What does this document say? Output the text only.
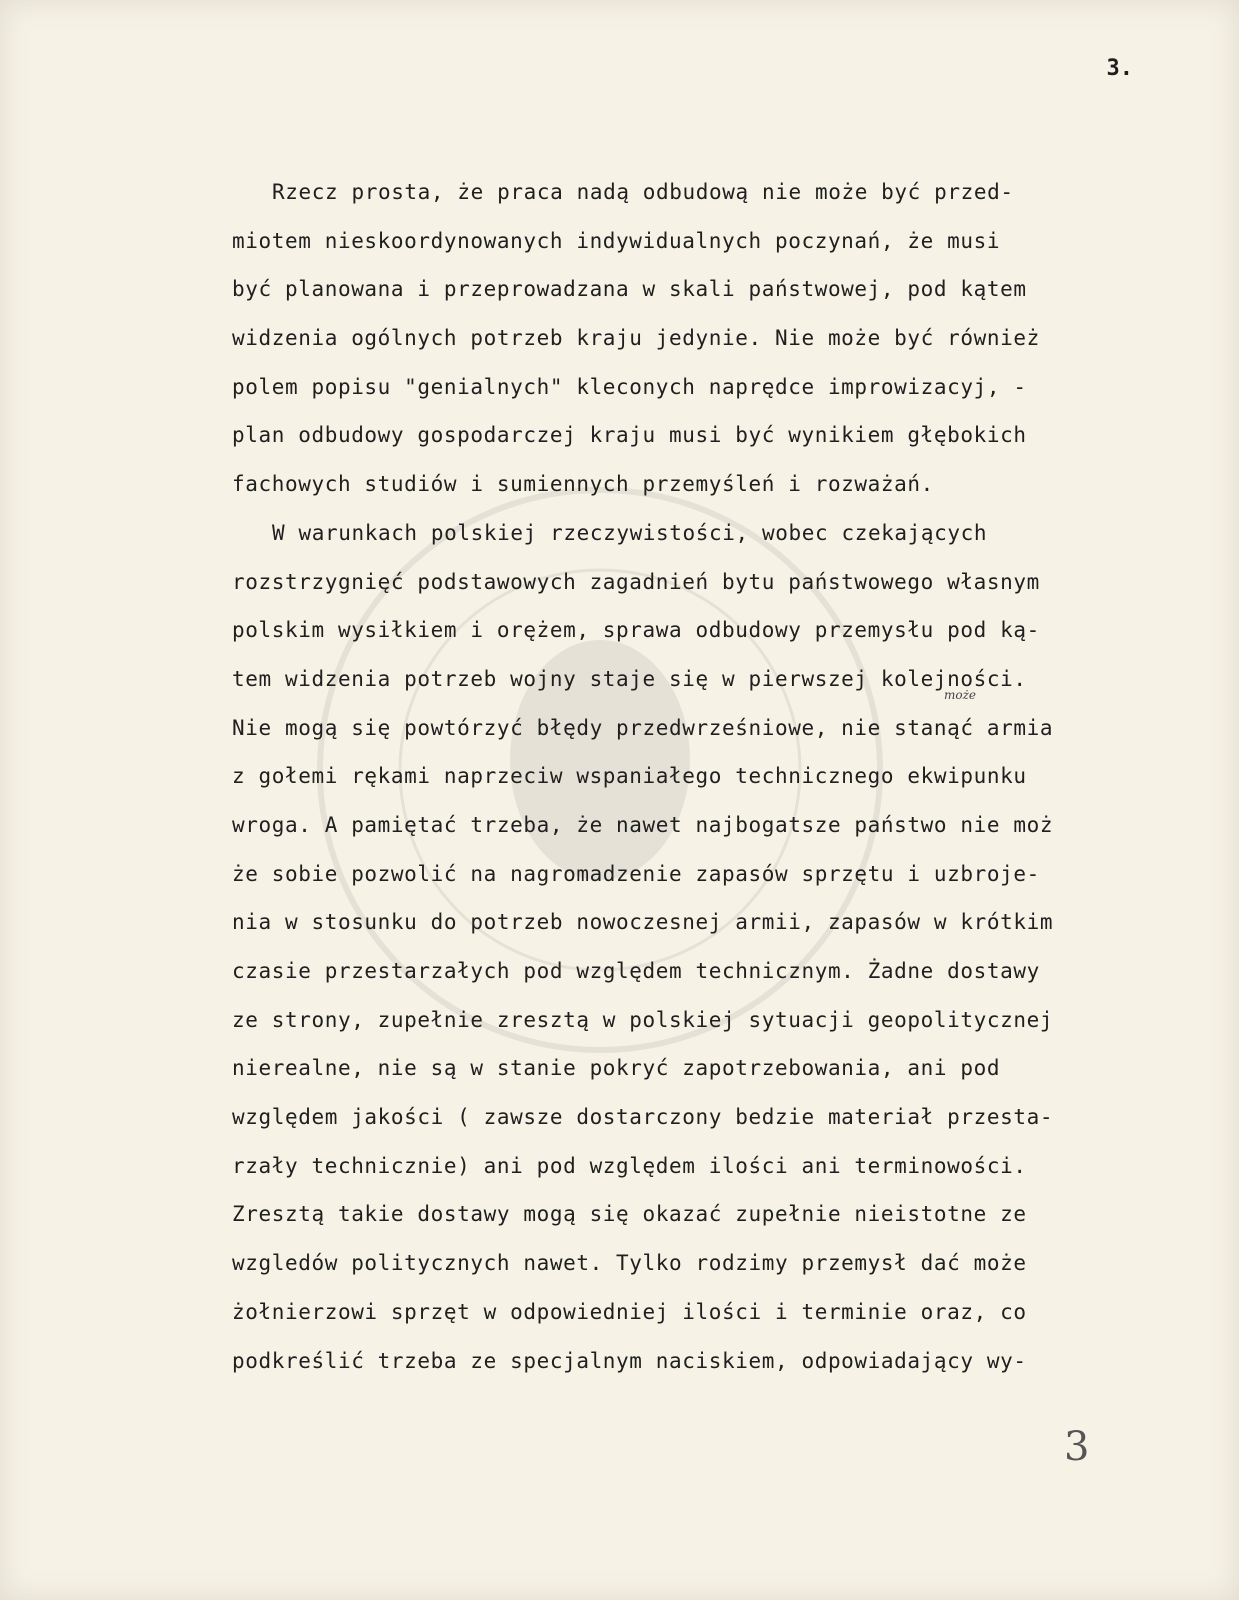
3.
Rzecz prosta, że praca nadą odbudową nie może być przed-
miotem nieskoordynowanych indywidualnych poczynań, że musi
być planowana i przeprowadzana w skali państwowej, pod kątem
widzenia ogólnych potrzeb kraju jedynie. Nie może być również
polem popisu "genialnych" kleconych naprędce improwizacyj, -
plan odbudowy gospodarczej kraju musi być wynikiem głębokich
fachowych studiów i sumiennych przemyśleń i rozważań.
W warunkach polskiej rzeczywistości, wobec czekających
rozstrzygnięć podstawowych zagadnień bytu państwowego własnym
polskim wysiłkiem i orężem, sprawa odbudowy przemysłu pod ką-
tem widzenia potrzeb wojny staje się w pierwszej kolejności.
Nie mogą się powtórzyć błędy przedwrześniowe, nie stanąć armia
z gołemi rękami naprzeciw wspaniałego technicznego ekwipunku
wroga. A pamiętać trzeba, że nawet najbogatsze państwo nie moż
że sobie pozwolić na nagromadzenie zapasów sprzętu i uzbroje-
nia w stosunku do potrzeb nowoczesnej armii, zapasów w krótkim
czasie przestarzałych pod względem technicznym. Żadne dostawy
ze strony, zupełnie zresztą w polskiej sytuacji geopolitycznej
nierealne, nie są w stanie pokryć zapotrzebowania, ani pod
względem jakości ( zawsze dostarczony bedzie materiał przesta-
rzały technicznie) ani pod względem ilości ani terminowości.
Zresztą takie dostawy mogą się okazać zupełnie nieistotne ze
wzgledów politycznych nawet. Tylko rodzimy przemysł dać może
żołnierzowi sprzęt w odpowiedniej ilości i terminie oraz, co
podkreślić trzeba ze specjalnym naciskiem, odpowiadający wy-
może
3
